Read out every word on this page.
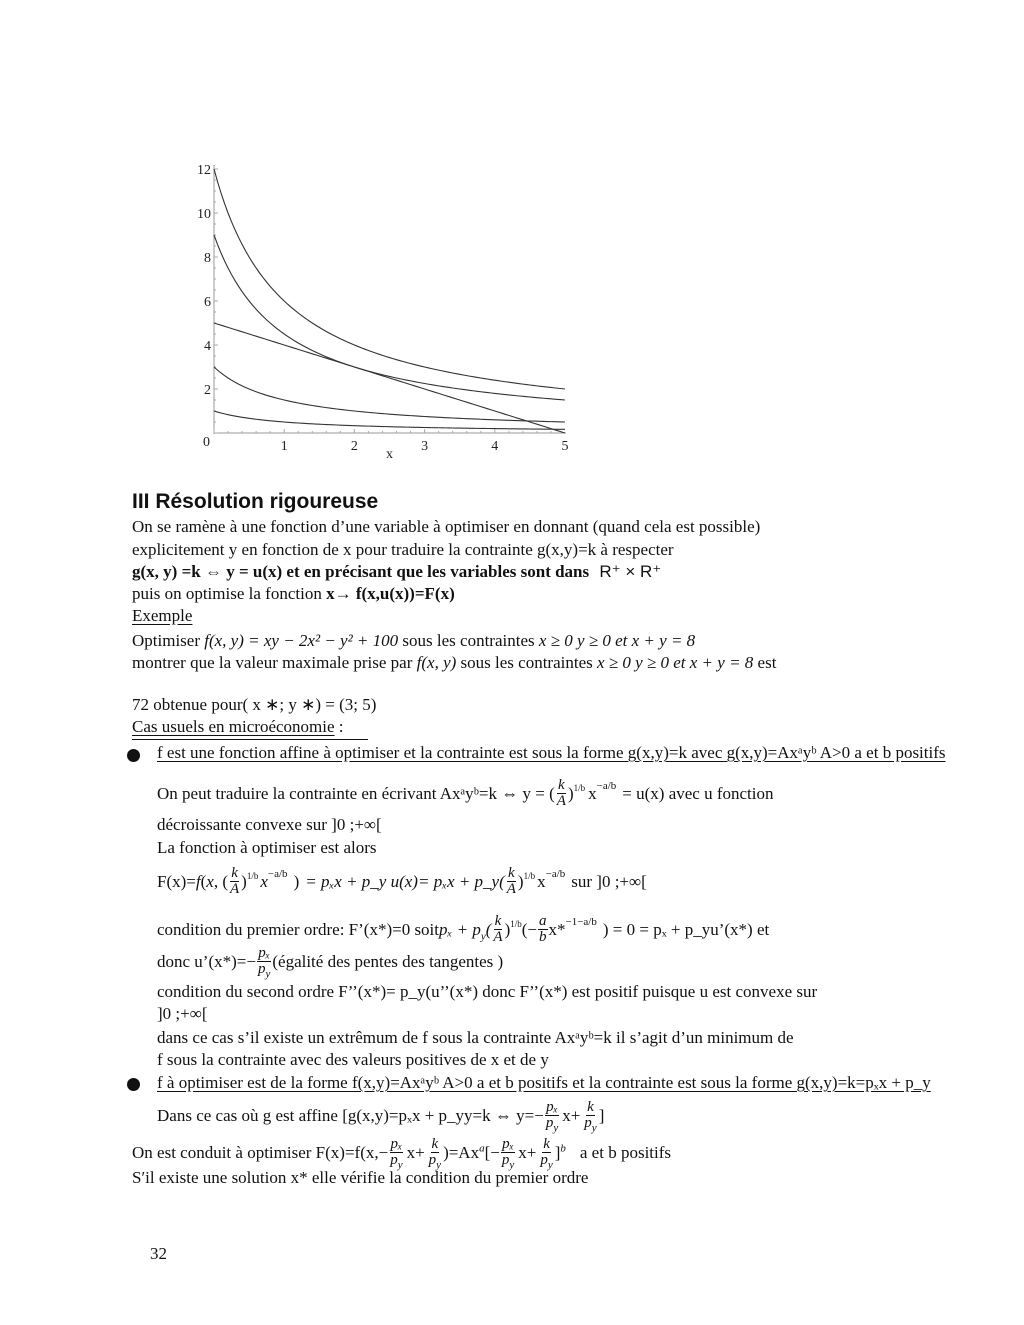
2
4
6
8
10
12
1	2	3	4	5
0
x
III Résolution rigoureuse
On se ramène à une fonction d’une variable à optimiser en donnant (quand cela est possible)
explicitement y en fonction de x pour traduire la contrainte g(x,y)=k à respecter
g(x, y) =k ⇔ y = u(x) et en précisant que les variables sont dans R⁺ × R⁺
puis on optimise la fonction x→ f(x,u(x))=F(x)
Exemple
Optimiser f(x, y) = xy − 2x² − y² + 100 sous les contraintes x ≥ 0 y ≥ 0 et x + y = 8
montrer que la valeur maximale prise par f(x, y) sous les contraintes x ≥ 0 y ≥ 0 et x + y = 8 est
72 obtenue pour( x ∗; y ∗) = (3; 5)
Cas usuels en microéconomie :
f est une fonction affine à optimiser et la contrainte est sous la forme g(x,y)=k avec g(x,y)=Axᵃyᵇ A>0 a et b positifs
On peut traduire la contrainte en écrivant Axᵃyᵇ=k ⇔ y = ( $\frac{k}{A} )^{1/b}$ $x^{-a/b} = u(x)$ avec u fonction
décroissante convexe sur ]0 ;+∞[
La fonction à optimiser est alors
F(x)= f ( x , ( $\frac{k}{A} )^{1/b}$ $x^{-a/b}$ ) = pₓx + p_y u(x)= pₓx + p_y( $\frac{k}{A} )^{1/b}$ $x^{-a/b}$ sur ]0 ;+∞[
condition du premier ordre: F’(x*)=0 soit $p_x + p_y( \frac{k}{A} )^{1/b}$ (− $\frac{a}{b} x*^{-1-a/b}$ ) = 0 = pₓ + p_yu’(x*) et
donc u’(x*)=− $\frac{\text{pₓ}}{p_y}$ (égalité des pentes des tangentes )
condition du second ordre F’’(x*)= p_y(u’’(x*) donc F’’(x*) est positif puisque u est convexe sur
]0 ;+∞[
dans ce cas s’il existe un extrêmum de f sous la contrainte Axᵃyᵇ=k il s’agit d’un minimum de
f sous la contrainte avec des valeurs positives de x et de y
f à optimiser est de la forme f(x,y)=Axᵃyᵇ A>0 a et b positifs et la contrainte est sous la forme g(x,y)=k=pₓx + p_y
Dans ce cas où g est affine [g(x,y)=pₓx + p_yy=k ⇔ $y=- \frac{\text{pₓ}}{p_y} x+ \frac{k}{p_y}$ ]
On est conduit à optimiser $F(x)=f(x,- \frac{\text{pₓ}}{p_y} x+ \frac{k}{p_y} )=Ax^a[- \frac{\text{pₓ}}{p_y} x+ \frac{k}{p_y} ]^b$ a et b positifs
S′il existe une solution x* elle vérifie la condition du premier ordre
32
